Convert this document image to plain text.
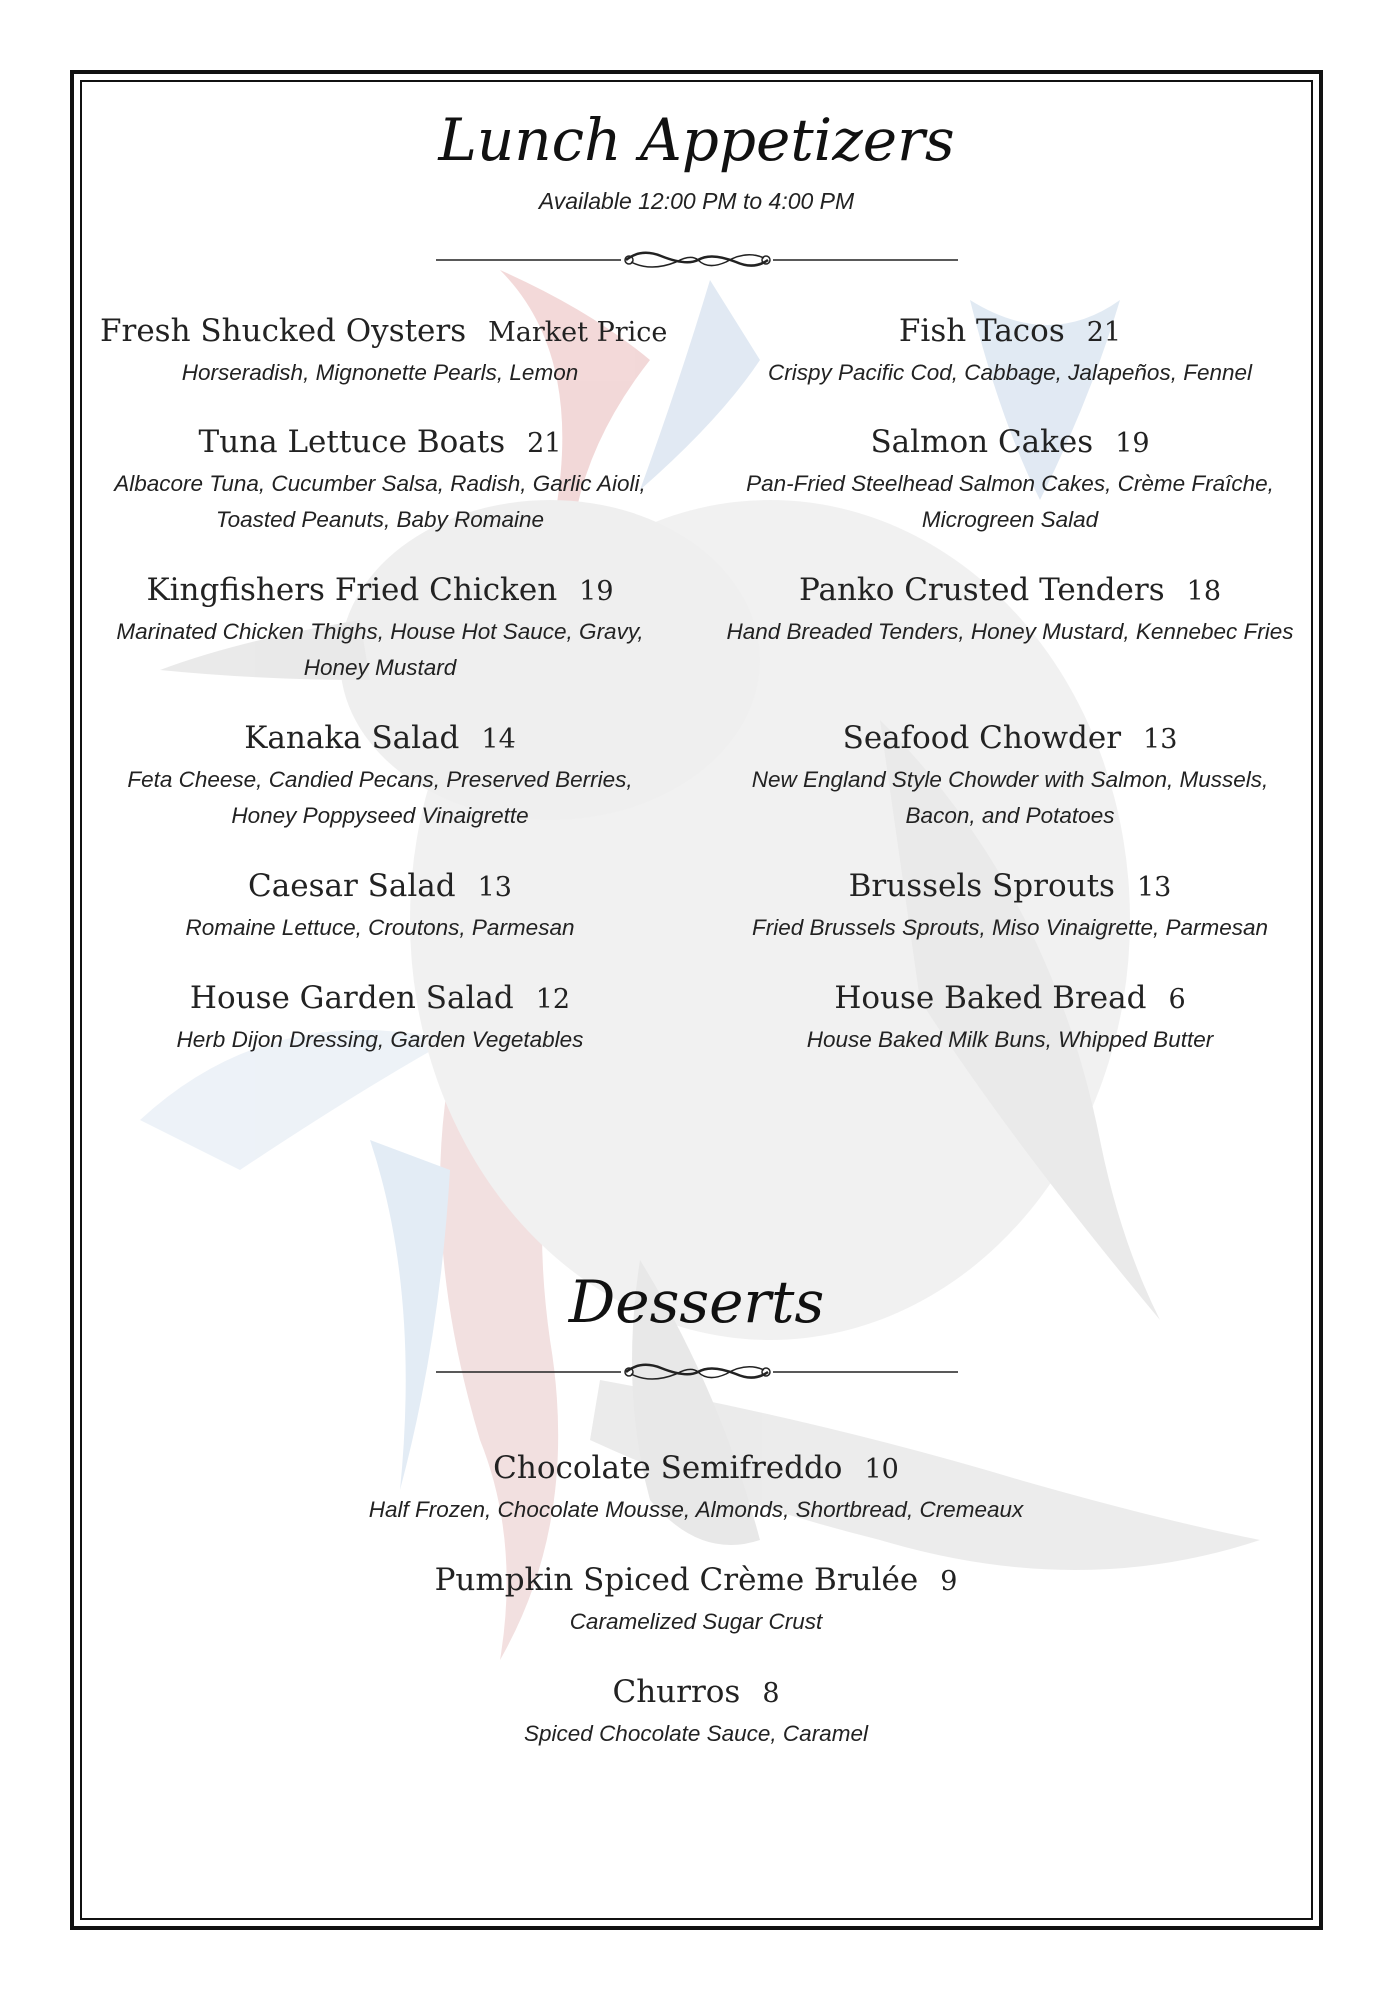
Lunch Appetizers
Available 12:00 PM to 4:00 PM
Fresh Shucked Oysters Market Price
Horseradish, Mignonette Pearls, Lemon
Tuna Lettuce Boats 21
Albacore Tuna, Cucumber Salsa, Radish, Garlic Aioli, Toasted Peanuts, Baby Romaine
Kingfishers Fried Chicken 19
Marinated Chicken Thighs, House Hot Sauce, Gravy, Honey Mustard
Kanaka Salad 14
Feta Cheese, Candied Pecans, Preserved Berries, Honey Poppyseed Vinaigrette
Caesar Salad 13
Romaine Lettuce, Croutons, Parmesan
House Garden Salad 12
Herb Dijon Dressing, Garden Vegetables
Fish Tacos 21
Crispy Pacific Cod, Cabbage, Jalapeños, Fennel
Salmon Cakes 19
Pan-Fried Steelhead Salmon Cakes, Crème Fraîche, Microgreen Salad
Panko Crusted Tenders 18
Hand Breaded Tenders, Honey Mustard, Kennebec Fries
Seafood Chowder 13
New England Style Chowder with Salmon, Mussels, Bacon, and Potatoes
Brussels Sprouts 13
Fried Brussels Sprouts, Miso Vinaigrette, Parmesan
House Baked Bread 6
House Baked Milk Buns, Whipped Butter
Desserts
Chocolate Semifreddo 10
Half Frozen, Chocolate Mousse, Almonds, Shortbread, Cremeaux
Pumpkin Spiced Crème Brulée 9
Caramelized Sugar Crust
Churros 8
Spiced Chocolate Sauce, Caramel
